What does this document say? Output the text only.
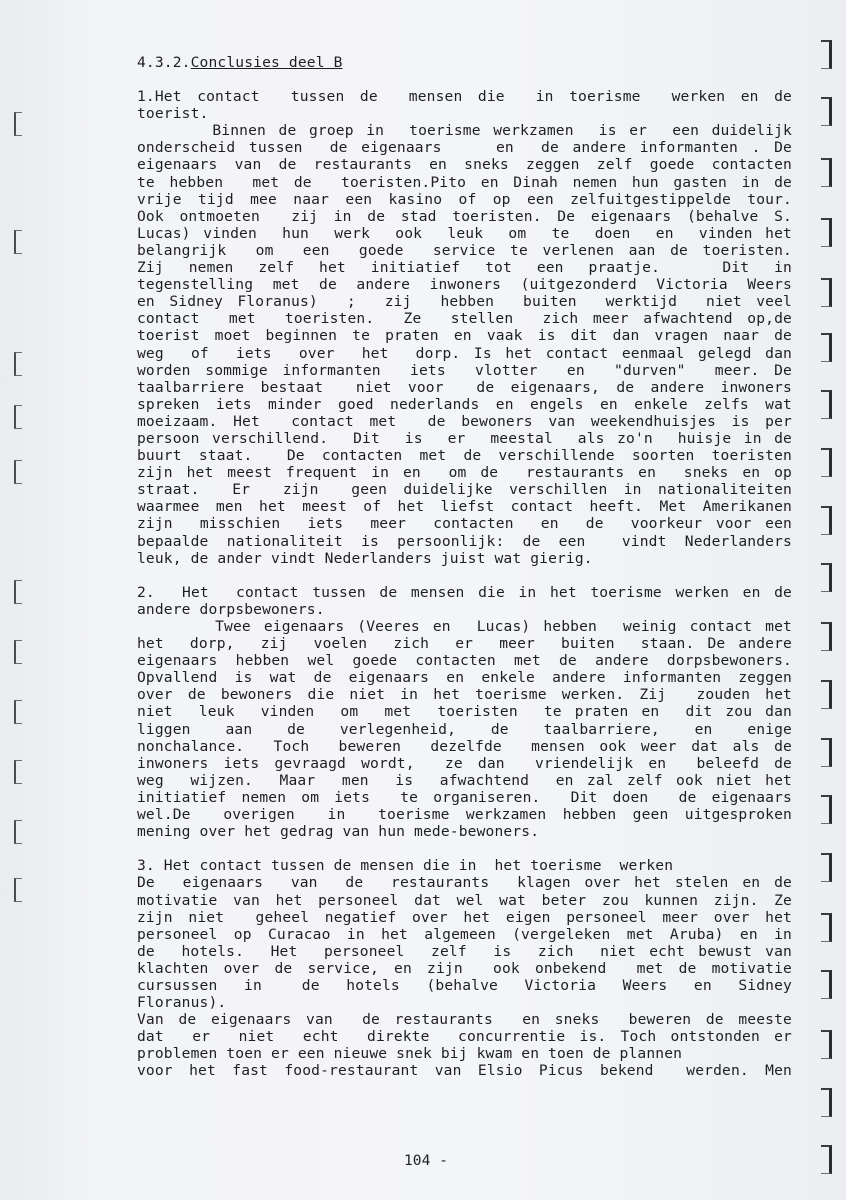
4.3.2.Conclusies deel B
1.Het contact  tussen de  mensen die  in toerisme  werken en de
toerist.
Binnen de groep in  toerisme werkzamen  is er  een duidelijk
onderscheid tussen  de eigenaars    en  de andere informanten . De
eigenaars van de restaurants en sneks zeggen zelf goede contacten
te hebben  met de  toeristen.Pito en Dinah nemen hun gasten in de
vrije tijd mee naar een kasino of op een zelfuitgestippelde tour.
Ook ontmoeten  zij in de stad toeristen. De eigenaars (behalve S.
Lucas) vinden  hun  werk  ook  leuk  om  te  doen  en  vinden het
belangrijk  om  een  goede  service te verlenen aan de toeristen.
Zij  nemen  zelf  het  initiatief  tot  een  praatje.     Dit  in
tegenstelling met de andere inwoners (uitgezonderd Victoria Weers
en Sidney Floranus)  ;  zij  hebben  buiten  werktijd  niet veel
contact  met  toeristen.  Ze  stellen  zich meer afwachtend op,de
toerist moet beginnen te praten en vaak is dit dan vragen naar de
weg  of  iets  over  het  dorp. Is het contact eenmaal gelegd dan
worden sommige informanten  iets  vlotter  en  "durven"  meer. De
taalbarriere bestaat  niet voor  de eigenaars, de andere inwoners
spreken iets minder goed nederlands en engels en enkele zelfs wat
moeizaam. Het  contact met  de bewoners van weekendhuisjes is per
persoon verschillend.  Dit  is  er  meestal  als zo'n  huisje in de
buurt staat.  De contacten met de verschillende soorten toeristen
zijn het meest frequent in en  om de  restaurants en  sneks en op
straat.  Er  zijn  geen duidelijke verschillen in nationaliteiten
waarmee men het meest of het liefst contact heeft. Met Amerikanen
zijn  misschien  iets  meer  contacten  en  de  voorkeur voor een
bepaalde nationaliteit is persoonlijk: de een  vindt Nederlanders
leuk, de ander vindt Nederlanders juist wat gierig.
2.  Het  contact tussen de mensen die in het toerisme werken en de
andere dorpsbewoners.
Twee eigenaars (Veeres en  Lucas) hebben  weinig contact met
het  dorp,  zij  voelen  zich  er  meer  buiten  staan. De andere
eigenaars hebben wel goede contacten met de andere dorpsbewoners.
Opvallend is wat de eigenaars en enkele andere informanten zeggen
over de bewoners die niet in het toerisme werken. Zij  zouden het
niet  leuk  vinden  om  met  toeristen  te praten en  dit zou dan
liggen  aan  de  verlegenheid,  de  taalbarriere,  en  enige
nonchalance.  Toch  beweren  dezelfde  mensen ook weer dat als de
inwoners iets gevraagd wordt,  ze dan  vriendelijk en  beleefd de
weg  wijzen.  Maar  men  is  afwachtend  en zal zelf ook niet het
initiatief nemen om iets  te organiseren.  Dit doen  de eigenaars
wel.De  overigen  in  toerisme werkzamen hebben geen uitgesproken
mening over het gedrag van hun mede-bewoners.
3. Het contact tussen de mensen die in  het toerisme  werken
De  eigenaars  van  de  restaurants  klagen over het stelen en de
motivatie van het personeel dat wel wat beter zou kunnen zijn. Ze
zijn niet  geheel negatief over het eigen personeel meer over het
personeel op Curacao in het algemeen (vergeleken met Aruba) en in
de  hotels.  Het  personeel  zelf  is  zich  niet echt bewust van
klachten over de service, en zijn  ook onbekend  met de motivatie
cursussen  in   de  hotels  (behalve  Victoria  Weers  en  Sidney
Floranus).
Van de eigenaars van  de restaurants  en sneks  beweren de meeste
dat  er  niet  echt  direkte  concurrentie is. Toch ontstonden er
problemen toen er een nieuwe snek bij kwam en toen de plannen
voor het fast food-restaurant van Elsio Picus bekend  werden. Men
104 -
